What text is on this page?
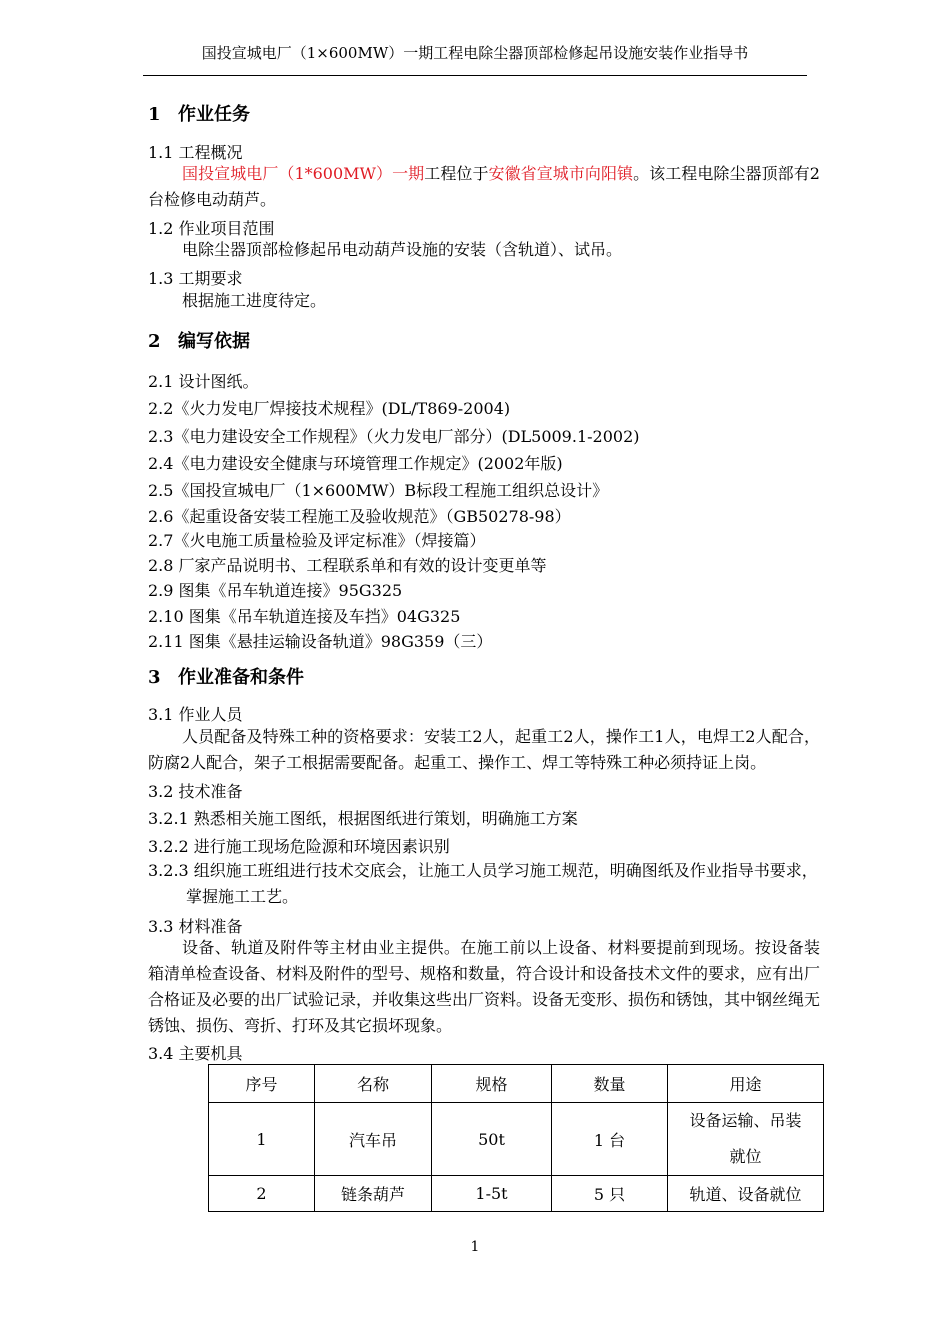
国投宣城电厂（1×600MW）一期工程电除尘器顶部检修起吊设施安装作业指导书
1 作业任务
1.1 工程概况
国投宣城电厂（1*600MW）一期工程位于安徽省宣城市向阳镇。该工程电除尘器顶部有2台检修电动葫芦。
1.2 作业项目范围
电除尘器顶部检修起吊电动葫芦设施的安装（含轨道）、试吊。
1.3 工期要求
根据施工进度待定。
2 编写依据
2.1 设计图纸。
2.2《火力发电厂焊接技术规程》(DL/T869-2004)
2.3《电力建设安全工作规程》（火力发电厂部分）(DL5009.1-2002)
2.4《电力建设安全健康与环境管理工作规定》(2002年版)
2.5《国投宣城电厂（1×600MW）B标段工程施工组织总设计》
2.6《起重设备安装工程施工及验收规范》（GB50278-98）
2.7《火电施工质量检验及评定标准》（焊接篇）
2.8 厂家产品说明书、工程联系单和有效的设计变更单等
2.9 图集《吊车轨道连接》95G325
2.10 图集《吊车轨道连接及车挡》04G325
2.11 图集《悬挂运输设备轨道》98G359（三）
3 作业准备和条件
3.1 作业人员
人员配备及特殊工种的资格要求：安装工2人，起重工2人，操作工1人，电焊工2人配合，防腐2人配合，架子工根据需要配备。起重工、操作工、焊工等特殊工种必须持证上岗。
3.2 技术准备
3.2.1 熟悉相关施工图纸，根据图纸进行策划，明确施工方案
3.2.2 进行施工现场危险源和环境因素识别
3.2.3 组织施工班组进行技术交底会，让施工人员学习施工规范，明确图纸及作业指导书要求，掌握施工工艺。
3.3 材料准备
设备、轨道及附件等主材由业主提供。在施工前以上设备、材料要提前到现场。按设备装箱清单检查设备、材料及附件的型号、规格和数量，符合设计和设备技术文件的要求，应有出厂合格证及必要的出厂试验记录，并收集这些出厂资料。设备无变形、损伤和锈蚀，其中钢丝绳无锈蚀、损伤、弯折、打环及其它损坏现象。
3.4 主要机具
序号	名称	规格	数量	用途
1	汽车吊	50t	1 台	设备运输、吊装就位
2	链条葫芦	1-5t	5 只	轨道、设备就位
1
